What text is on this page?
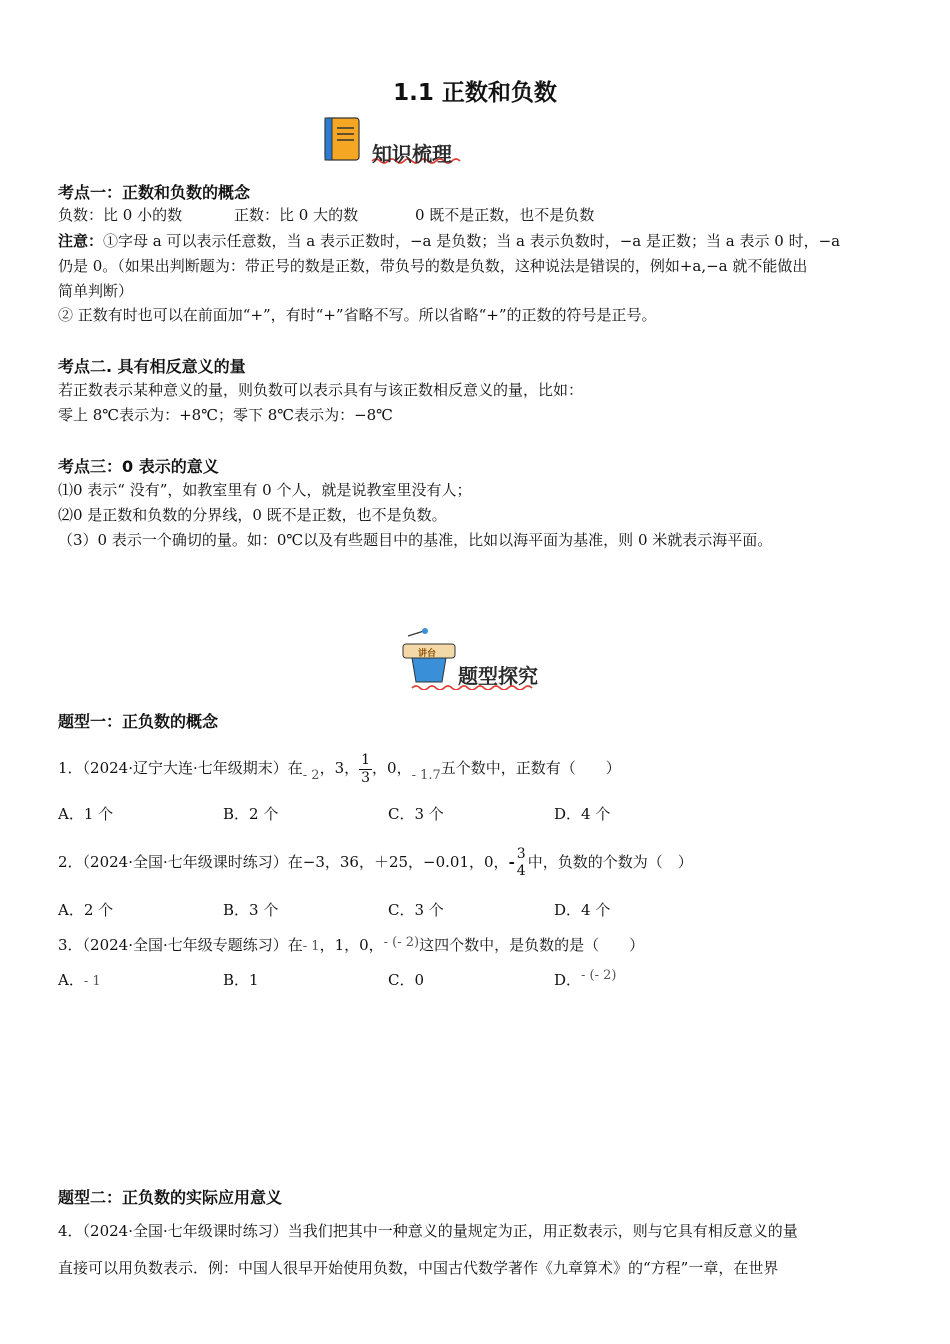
1.1 正数和负数
知识梳理
考点一：正数和负数的概念
负数：比 0 小的数	正数：比 0 大的数	0 既不是正数，也不是负数
注意：①字母 a 可以表示任意数，当 a 表示正数时，−a 是负数；当 a 表示负数时，−a 是正数；当 a 表示 0 时，−a
仍是 0。（如果出判断题为：带正号的数是正数，带负号的数是负数，这种说法是错误的，例如+a,−a 就不能做出
简单判断）
② 正数有时也可以在前面加“+”，有时“+”省略不写。所以省略“+”的正数的符号是正号。
考点二. 具有相反意义的量
若正数表示某种意义的量，则负数可以表示具有与该正数相反意义的量，比如：
零上 8℃表示为：+8℃；零下 8℃表示为：−8℃
考点三：0 表示的意义
⑴0 表示“ 没有”，如教室里有 0 个人，就是说教室里没有人；
⑵0 是正数和负数的分界线，0 既不是正数，也不是负数。
（3）0 表示一个确切的量。如：0℃以及有些题目中的基准，比如以海平面为基准，则 0 米就表示海平面。
讲台
题型探究
题型一：正负数的概念
1．（2024·辽宁大连·七年级期末）在- 2，3， $\frac{1}{3}$ ，0，- 1.7五个数中，正数有（　　）
A．1 个	B．2 个	C．3 个	D．4 个
2．（2024·全国·七年级课时练习）在−3，36，＋25，−0.01，0，- 3
4 中，负数的个数为（　）
A．2 个	B．3 个	C．3 个	D．4 个
3．（2024·全国·七年级专题练习）在- 1，1，0，- (- 2)这四个数中，是负数的是（　　）
A．- 1	B．1	C．0	D．- (- 2)
题型二：正负数的实际应用意义
4．（2024·全国·七年级课时练习）当我们把其中一种意义的量规定为正，用正数表示，则与它具有相反意义的量
直接可以用负数表示．例：中国人很早开始使用负数，中国古代数学著作《九章算术》的“方程”一章，在世界
